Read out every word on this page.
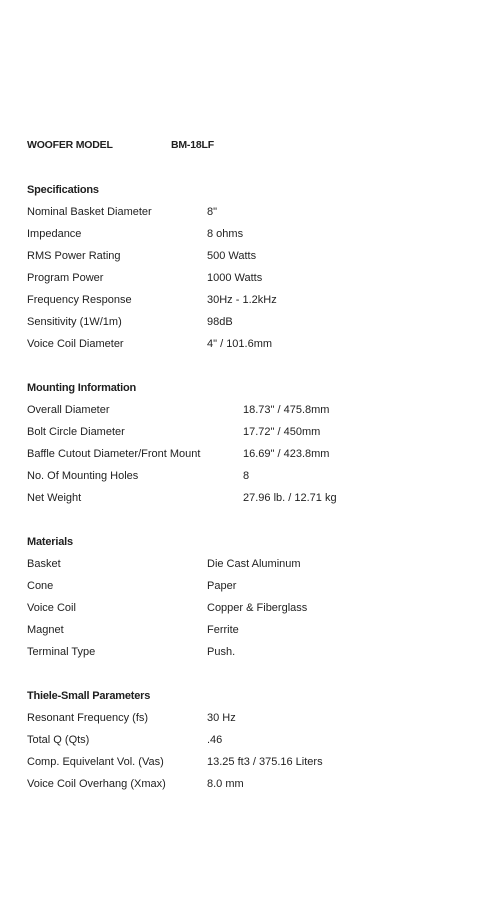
WOOFER MODEL	BM-18LF
Specifications
Nominal Basket Diameter	8"
Impedance	8 ohms
RMS Power Rating	500 Watts
Program Power	1000 Watts
Frequency Response	30Hz - 1.2kHz
Sensitivity (1W/1m)	98dB
Voice Coil Diameter	4" / 101.6mm
Mounting Information
Overall Diameter	18.73" / 475.8mm
Bolt Circle Diameter	17.72" / 450mm
Baffle Cutout Diameter/Front Mount	16.69" / 423.8mm
No. Of Mounting Holes	8
Net Weight	27.96 lb. / 12.71 kg
Materials
Basket	Die Cast Aluminum
Cone	Paper
Voice Coil	Copper & Fiberglass
Magnet	Ferrite
Terminal Type	Push.
Thiele-Small Parameters
Resonant Frequency (fs)	30 Hz
Total Q (Qts)	.46
Comp. Equivelant Vol. (Vas)	13.25 ft3 / 375.16 Liters
Voice Coil Overhang (Xmax)	8.0 mm
